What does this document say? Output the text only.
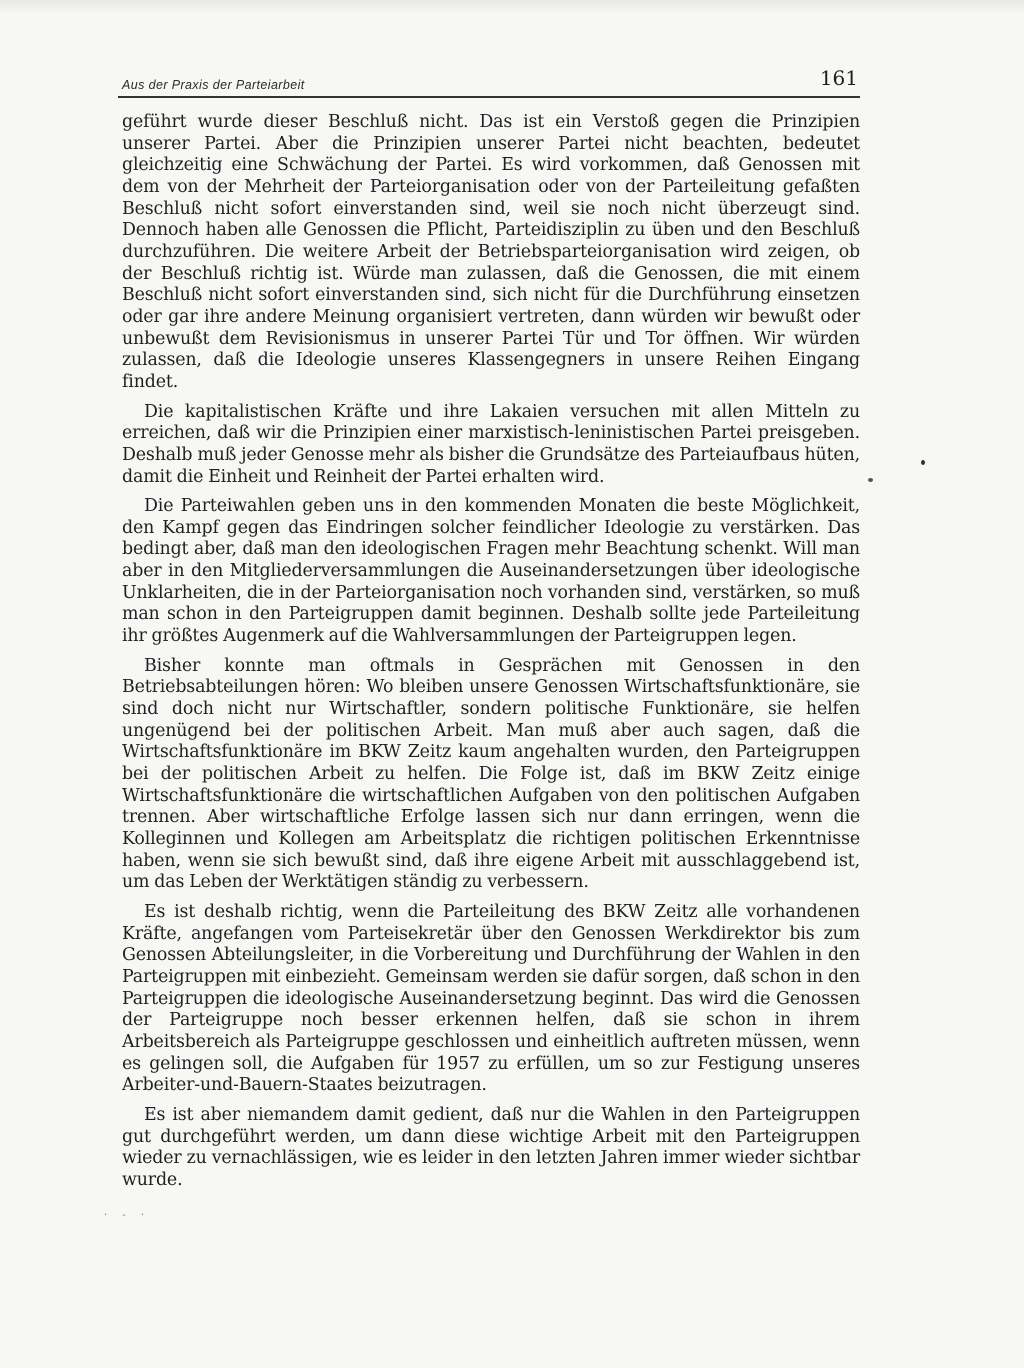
Aus der Praxis der Parteiarbeit	161

geführt wurde dieser Beschluß nicht. Das ist ein Verstoß gegen die Prinzipien unserer Partei. Aber die Prinzipien unserer Partei nicht beachten, bedeutet gleichzeitig eine Schwächung der Partei. Es wird vorkommen, daß Genossen mit dem von der Mehrheit der Parteiorganisation oder von der Parteileitung gefaßten Beschluß nicht sofort einverstanden sind, weil sie noch nicht überzeugt sind. Dennoch haben alle Genossen die Pflicht, Parteidisziplin zu üben und den Beschluß durchzuführen. Die weitere Arbeit der Betriebsparteiorganisation wird zeigen, ob der Beschluß richtig ist. Würde man zulassen, daß die Genossen, die mit einem Beschluß nicht sofort einverstanden sind, sich nicht für die Durchführung einsetzen oder gar ihre andere Meinung organisiert vertreten, dann würden wir bewußt oder unbewußt dem Revisionismus in unserer Partei Tür und Tor öffnen. Wir würden zulassen, daß die Ideologie unseres Klassengegners in unsere Reihen Eingang findet.

Die kapitalistischen Kräfte und ihre Lakaien versuchen mit allen Mitteln zu erreichen, daß wir die Prinzipien einer marxistisch-leninistischen Partei preisgeben. Deshalb muß jeder Genosse mehr als bisher die Grundsätze des Parteiaufbaus hüten, damit die Einheit und Reinheit der Partei erhalten wird.

Die Parteiwahlen geben uns in den kommenden Monaten die beste Möglichkeit, den Kampf gegen das Eindringen solcher feindlicher Ideologie zu verstärken. Das bedingt aber, daß man den ideologischen Fragen mehr Beachtung schenkt. Will man aber in den Mitgliederversammlungen die Auseinandersetzungen über ideologische Unklarheiten, die in der Parteiorganisation noch vorhanden sind, verstärken, so muß man schon in den Parteigruppen damit beginnen. Deshalb sollte jede Parteileitung ihr größtes Augenmerk auf die Wahlversammlungen der Parteigruppen legen.

Bisher konnte man oftmals in Gesprächen mit Genossen in den Betriebsabteilungen hören: Wo bleiben unsere Genossen Wirtschaftsfunktionäre, sie sind doch nicht nur Wirtschaftler, sondern politische Funktionäre, sie helfen ungenügend bei der politischen Arbeit. Man muß aber auch sagen, daß die Wirtschaftsfunktionäre im BKW Zeitz kaum angehalten wurden, den Parteigruppen bei der politischen Arbeit zu helfen. Die Folge ist, daß im BKW Zeitz einige Wirtschaftsfunktionäre die wirtschaftlichen Aufgaben von den politischen Aufgaben trennen. Aber wirtschaftliche Erfolge lassen sich nur dann erringen, wenn die Kolleginnen und Kollegen am Arbeitsplatz die richtigen politischen Erkenntnisse haben, wenn sie sich bewußt sind, daß ihre eigene Arbeit mit ausschlaggebend ist, um das Leben der Werktätigen ständig zu verbessern.

Es ist deshalb richtig, wenn die Parteileitung des BKW Zeitz alle vorhandenen Kräfte, angefangen vom Parteisekretär über den Genossen Werkdirektor bis zum Genossen Abteilungsleiter, in die Vorbereitung und Durchführung der Wahlen in den Parteigruppen mit einbezieht. Gemeinsam werden sie dafür sorgen, daß schon in den Parteigruppen die ideologische Auseinandersetzung beginnt. Das wird die Genossen der Parteigruppe noch besser erkennen helfen, daß sie schon in ihrem Arbeitsbereich als Parteigruppe geschlossen und einheitlich auftreten müssen, wenn es gelingen soll, die Aufgaben für 1957 zu erfüllen, um so zur Festigung unseres Arbeiter-und-Bauern-Staates beizutragen.

Es ist aber niemandem damit gedient, daß nur die Wahlen in den Parteigruppen gut durchgeführt werden, um dann diese wichtige Arbeit mit den Parteigruppen wieder zu vernachlässigen, wie es leider in den letzten Jahren immer wieder sichtbar wurde.

· - ·
